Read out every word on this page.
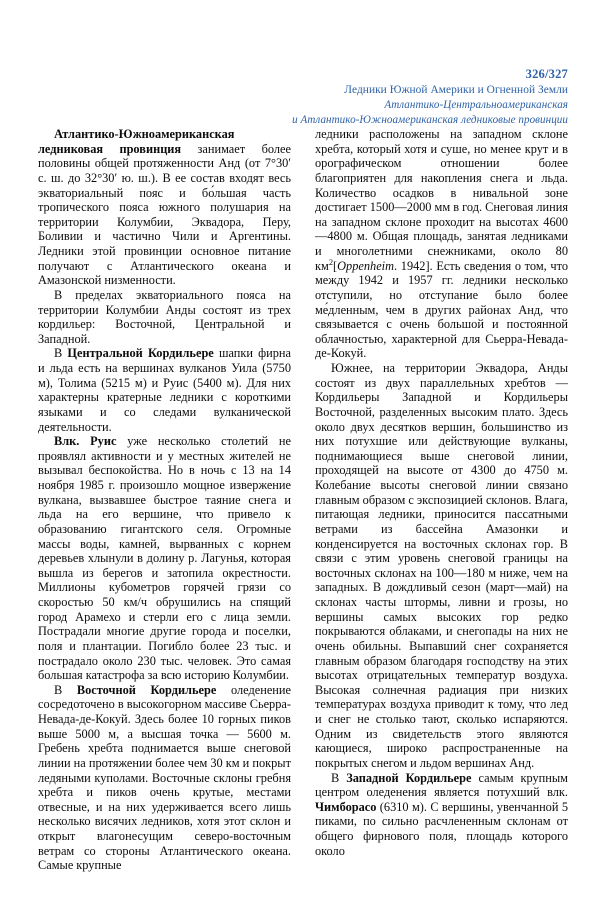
326/327
Ледники Южной Америки и Огненной Земли
Атлантико-Центральноамериканская
и Атлантико-Южноамериканская ледниковые провинции

Атлантико-Южноамериканская ледниковая провинция занимает более половины общей протяженности Анд (от 7°30′ с. ш. до 32°30′ ю. ш.). В ее состав входят весь экваториальный пояс и бо́льшая часть тропического пояса южного полушария на территории Колумбии, Эквадора, Перу, Боливии и частично Чили и Аргентины. Ледники этой провинции основное питание получают с Атлантического океана и Амазонской низменности.

В пределах экваториального пояса на территории Колумбии Анды состоят из трех кордильер: Восточной, Центральной и Западной.

В Центральной Кордильере шапки фирна и льда есть на вершинах вулканов Уила (5750 м), Толима (5215 м) и Руис (5400 м). Для них характерны кратерные ледники с короткими языками и со следами вулканической деятельности.

Влк. Руис уже несколько столетий не проявлял активности и у местных жителей не вызывал беспокойства. Но в ночь с 13 на 14 ноября 1985 г. произошло мощное извержение вулкана, вызвавшее быстрое таяние снега и льда на его вершине, что привело к образованию гигантского селя. Огромные массы воды, камней, вырванных с корнем деревьев хлынули в долину р. Лагунья, которая вышла из берегов и затопила окрестности. Миллионы кубометров горячей грязи со скоростью 50 км/ч обрушились на спящий город Арамехо и стерли его с лица земли. Пострадали многие другие города и поселки, поля и плантации. Погибло более 23 тыс. и пострадало около 230 тыс. человек. Это самая большая катастрофа за всю историю Колумбии.

В Восточной Кордильере оледенение сосредоточено в высокогорном массиве Сьерра-Невада-де-Кокуй. Здесь более 10 горных пиков выше 5000 м, а высшая точка — 5600 м. Гребень хребта поднимается выше снеговой линии на протяжении более чем 30 км и покрыт ледяными куполами. Восточные склоны гребня хребта и пиков очень крутые, местами отвесные, и на них удерживается всего лишь несколько висячих ледников, хотя этот склон и открыт влагонесущим северо-восточным ветрам со стороны Атлантического океана. Самые крупные

ледники расположены на западном склоне хребта, который хотя и суше, но менее крут и в орографическом отношении более благоприятен для накопления снега и льда. Количество осадков в нивальной зоне достигает 1500—2000 мм в год. Снеговая линия на западном склоне проходит на высотах 4600—4800 м. Общая площадь, занятая ледниками и многолетними снежниками, около 80 $км^2[Oppenheim$. 1942]. Есть сведения о том, что между 1942 и 1957 гг. ледники несколько отступили, но отступание было более ме́дленным, чем в других районах Анд, что связывается с очень большой и постоянной облачностью, характерной для Сьерра-Невада-де-Кокуй.

Южнее, на территории Эквадора, Анды состоят из двух параллельных хребтов — Кордильеры Западной и Кордильеры Восточной, разделенных высоким плато. Здесь около двух десятков вершин, большинство из них потухшие или действующие вулканы, поднимающиеся выше снеговой линии, проходящей на высоте от 4300 до 4750 м. Колебание высоты снеговой линии связано главным образом с экспозицией склонов. Влага, питающая ледники, приносится пассатными ветрами из бассейна Амазонки и конденсируется на восточных склонах гор. В связи с этим уровень снеговой границы на восточных склонах на 100—180 м ниже, чем на западных. В дождливый сезон (март—май) на склонах часты штормы, ливни и грозы, но вершины самых высоких гор редко покрываются облаками, и снегопады на них не очень обильны. Выпавший снег сохраняется главным образом благодаря господству на этих высотах отрицательных температур воздуха. Высокая солнечная радиация при низких температурах воздуха приводит к тому, что лед и снег не столько тают, сколько испаряются. Одним из свидетельств этого являются кающиеся, широко распространенные на покрытых снегом и льдом вершинах Анд.

В Западной Кордильере самым крупным центром оледенения является потухший влк. Чимборасо (6310 м). С вершины, увенчанной 5 пиками, по сильно расчлененным склонам от общего фирнового поля, площадь которого около
